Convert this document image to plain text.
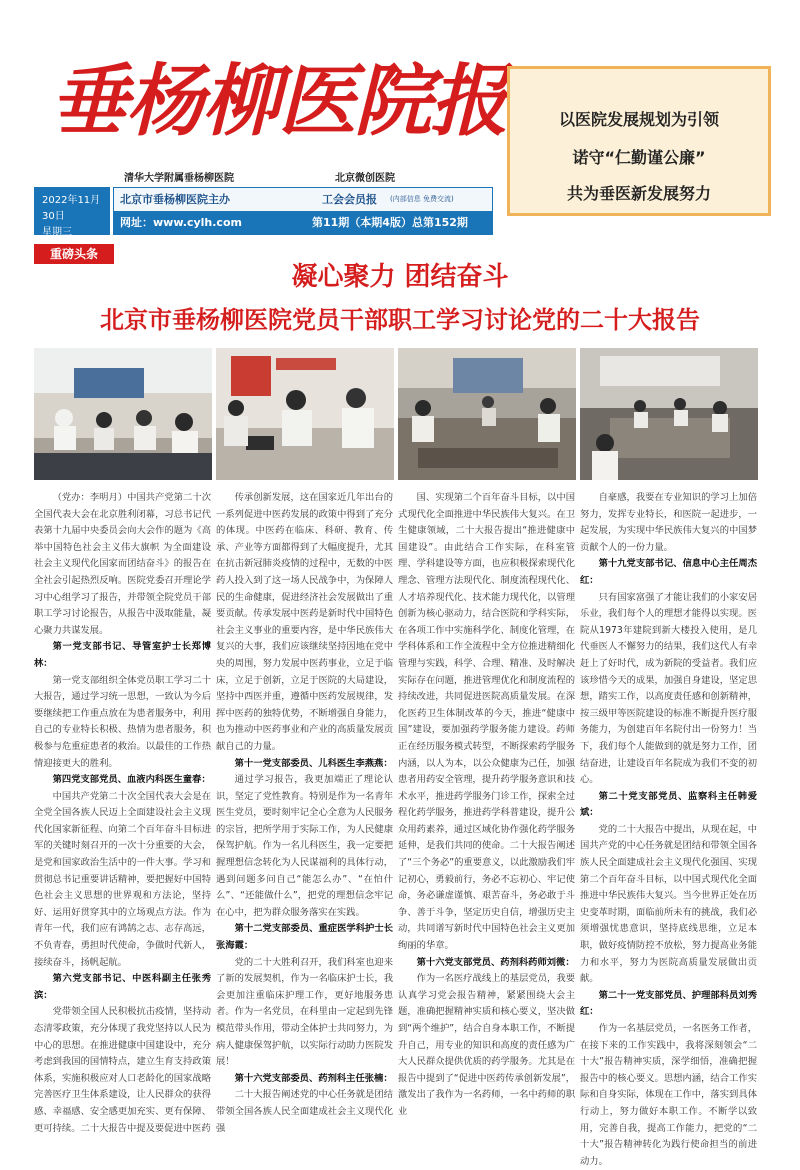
垂杨柳医院报
清华大学附属垂杨柳医院	北京微创医院
2022年11月30日
星期三
北京市垂杨柳医院主办	工会会员报 (内部信息 免费交流)
网址：www.cylh.com	第11期（本期4版）总第152期
以医院发展规划为引领
诺守“仁勤谨公廉”
共为垂医新发展努力
重磅头条
凝心聚力 团结奋斗
北京市垂杨柳医院党员干部职工学习讨论党的二十大报告

（党办：李明月）中国共产党第二十次全国代表大会在北京胜利闭幕，习总书记代表第十九届中央委员会向大会作的题为《高举中国特色社会主义伟大旗帜 为全面建设社会主义现代化国家而团结奋斗》的报告在全社会引起热烈反响。医院党委召开理论学习中心组学习了报告，并带领全院党员干部职工学习讨论报告，从报告中汲取能量，凝心聚力共谋发展。

第一党支部书记、导管室护士长郑博林：

第一党支部组织全体党员职工学习二十大报告，通过学习统一思想，一致认为今后要继续把工作重点放在为患者服务中，利用自己的专业特长积极、热情为患者服务，积极参与危重症患者的救治。以最佳的工作热情迎接更大的胜利。

第四党支部党员、血液内科医生童春：

中国共产党第二十次全国代表大会是在全党全国各族人民迈上全面建设社会主义现代化国家新征程、向第二个百年奋斗目标进军的关键时刻召开的一次十分重要的大会，是党和国家政治生活中的一件大事。学习和贯彻总书记重要讲话精神，要把握好中国特色社会主义思想的世界观和方法论，坚持好、运用好贯穿其中的立场观点方法。作为青年一代，我们应有鸿鹄之志、志存高远，不负青春，勇担时代使命，争做时代新人，接续奋斗，扬帆起航。

第六党支部书记、中医科副主任张秀滨：

党带领全国人民积极抗击疫情，坚持动态清零政策，充分体现了我党坚持以人民为中心的思想。在推进健康中国建设中，充分考虑到我国的国情特点，建立生育支持政策体系，实施积极应对人口老龄化的国家战略完善医疗卫生体系建设，让人民群众的获得感、幸福感、安全感更加充实、更有保障、更可持续。二十大报告中提及要促进中医药

传承创新发展，这在国家近几年出台的一系列促进中医药发展的政策中得到了充分的体现。中医药在临床、科研、教育、传承、产业等方面都得到了大幅度提升，尤其在抗击新冠肺炎疫情的过程中，无数的中医药人投入到了这一场人民战争中，为保障人民的生命健康，促进经济社会发展做出了重要贡献。传承发展中医药是新时代中国特色社会主义事业的重要内容，是中华民族伟大复兴的大事，我们应该继续坚持因地在党中央的周围，努力发展中医药事业，立足于临床，立足于创新，立足于医院的大局建设，坚持中西医并重，遵循中医药发展规律，发挥中医药的独特优势，不断增强自身能力，也为推动中医药事业和产业的高质量发展贡献自己的力量。

第十一党支部委员、儿科医生李燕燕：

通过学习报告，我更加端正了理论认识，坚定了党性教育。特别是作为一名青年医生党员，要时刻牢记全心全意为人民服务的宗旨，把所学用于实际工作，为人民健康保驾护航。作为一名儿科医生，我一定要把握理想信念转化为人民谋福利的具体行动，遇到问题多问自己“能怎么办”、“在怕什么”、“还能做什么”，把党的理想信念牢记在心中，把为群众服务落实在实践。

第十二党支部委员、重症医学科护士长张海霞：

党的二十大胜利召开，我们科室也迎来了新的发展契机，作为一名临床护士长，我会更加注重临床护理工作，更好地服务患者。作为一名党员，在科里由一定起到先锋模范带头作用，带动全体护士共同努力，为病人健康保驾护航，以实际行动助力医院发展！

第十六党支部委员、药剂科主任张楠：

二十大报告阐述党的中心任务就是团结带领全国各族人民全面建成社会主义现代化强

国、实现第二个百年奋斗目标，以中国式现代化全面推进中华民族伟大复兴。在卫生健康领域，二十大报告提出“推进健康中国建设”。由此结合工作实际，在科室管理、学科建设等方面，也应积极探索现代化理念、管理方法现代化、制度流程现代化、人才培养现代化、技术能力现代化，以管理创新为核心驱动力，结合医院和学科实际，在各项工作中实施科学化、制度化管理，在学科体系和工作全流程中全方位推进精细化管理与实践，科学、合理、精准、及时解决实际存在问题，推进管理优化和制度流程的持续改进，共同促进医院高质量发展。在深化医药卫生体制改革的今天，推进“健康中国”建设，要加强药学服务能力建设。药师正在经历服务模式转型，不断探索药学服务内涵，以人为本，以公众健康为己任，加强患者用药安全管理，提升药学服务意识和技术水平，推进药学服务门诊工作，探索全过程化药学服务，推进药学科普建设，提升公众用药素养，通过区域化协作强化药学服务延伸，是我们共同的使命。二十大报告阐述了“三个务必”的重要意义，以此激励我们牢记初心，勇毅前行，务必不忘初心、牢记使命，务必谦虚谨慎、艰苦奋斗，务必敢于斗争、善于斗争，坚定历史自信，增强历史主动，共同谱写新时代中国特色社会主义更加绚丽的华章。

第十六党支部党员、药剂科药师刘微：

作为一名医疗战线上的基层党员，我要认真学习党会报告精神，紧紧围绕大会主题，准确把握精神实质和核心要义，坚决做到“两个维护”，结合自身本职工作，不断提升自己，用专业的知识和高度的责任感为广大人民群众提供优质的药学服务。尤其是在报告中提到了“促进中医药传承创新发展”，激发出了我作为一名药师，一名中药师的职业

自豪感，我要在专业知识的学习上加倍努力，发挥专业特长，和医院一起进步，一起发展，为实现中华民族伟大复兴的中国梦贡献个人的一份力量。

第十九党支部书记、信息中心主任周杰红：

只有国家富强了才能让我们的小家安居乐业，我们每个人的理想才能得以实现。医院从1973年建院到新大楼投入使用，是几代垂医人不懈努力的结果，我们这代人有幸赶上了好时代，成为新院的受益者。我们应该珍惜今天的成果，加强自身建设，坚定思想，踏实工作，以高度责任感和创新精神，按三级甲等医院建设的标准不断提升医疗服务能力，为创建百年名院付出一份努力！当下，我们每个人能做到的就是努力工作，团结奋进，让建设百年名院成为我们不变的初心。

第二十党支部党员、监察科主任韩爱斌：

党的二十大报告中提出，从现在起，中国共产党的中心任务就是团结和带领全国各族人民全面建成社会主义现代化强国、实现第二个百年奋斗目标，以中国式现代化全面推进中华民族伟大复兴。当今世界正处在历史变革时期，面临前所未有的挑战，我们必须增强忧患意识，坚持底线思维，立足本职，做好疫情防控不放松，努力提高业务能力和水平，努力为医院高质量发展做出贡献。

第二十一党支部党员、护理部科员刘秀红：

作为一名基层党员，一名医务工作者，在接下来的工作实践中，我将深刻领会“二十大”报告精神实质，深学细悟，准确把握报告中的核心要义。思想内涵，结合工作实际和自身实际，体现在工作中，落实到具体行动上，努力做好本职工作。不断学以致用，完善自我，提高工作能力，把党的“二十大”报告精神转化为践行使命担当的前进动力。
